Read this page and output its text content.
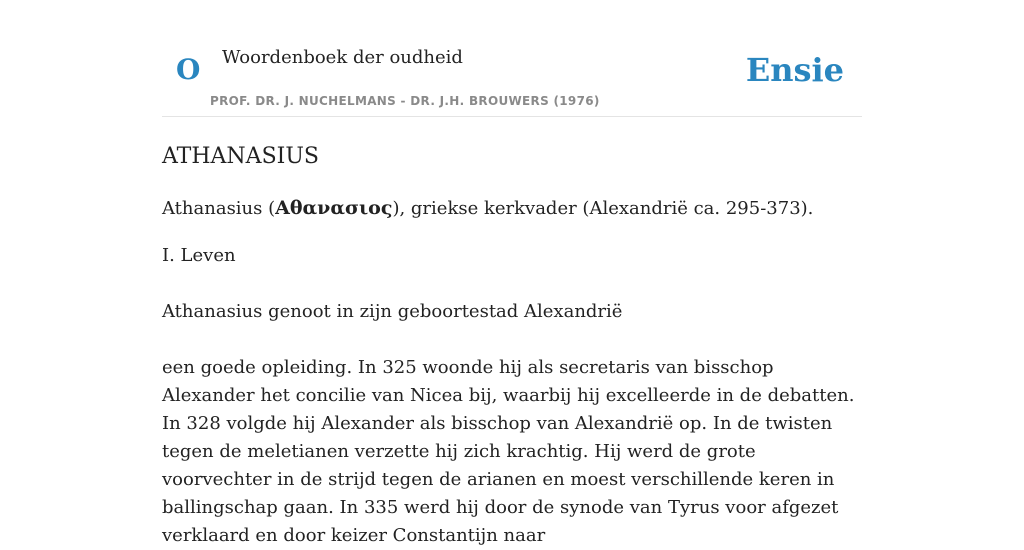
O Woordenboek der oudheid
PROF. DR. J. NUCHELMANS - DR. J.H. BROUWERS (1976)
Ensie
ATHANASIUS

Athanasius (Αθανασιος), griekse kerkvader (Alexandrië ca. 295-373).

I. Leven

Athanasius genoot in zijn geboortestad Alexandrië

een goede opleiding. In 325 woonde hij als secretaris van bisschop Alexander het concilie van Nicea bij, waarbij hij excelleerde in de debatten. In 328 volgde hij Alexander als bisschop van Alexandrië op. In de twisten tegen de meletianen verzette hij zich krachtig. Hij werd de grote voorvechter in de strijd tegen de arianen en moest verschillende keren in ballingschap gaan. In 335 werd hij door de synode van Tyrus voor afgezet verklaard en door keizer Constantijn naar
